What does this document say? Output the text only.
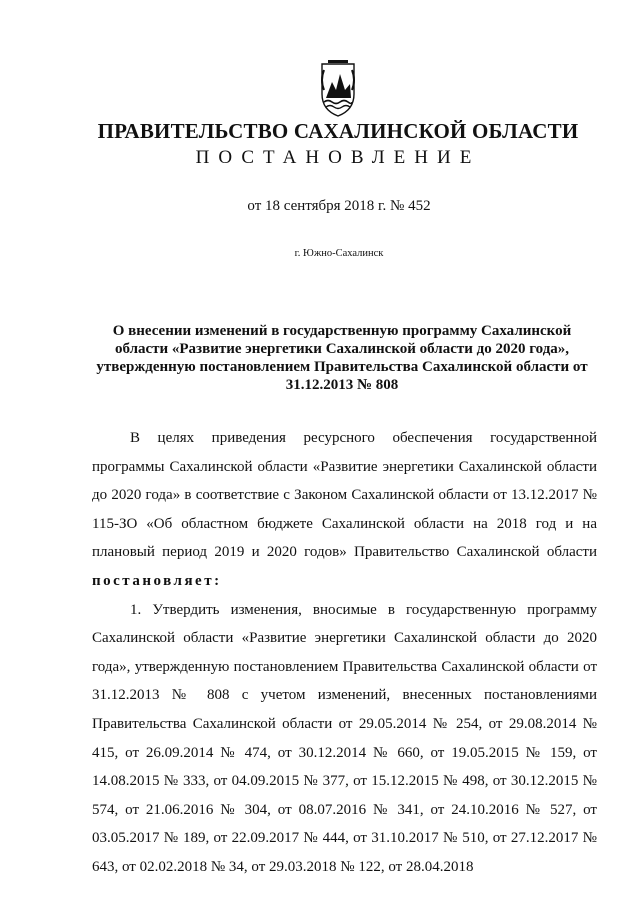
ПРАВИТЕЛЬСТВО САХАЛИНСКОЙ ОБЛАСТИ
ПОСТАНОВЛЕНИЕ
от 18 сентября 2018 г. № 452
г. Южно-Сахалинск
О внесении изменений в государственную программу Сахалинской области «Развитие энергетики Сахалинской области до 2020 года», утвержденную постановлением Правительства Сахалинской области от 31.12.2013 № 808

В целях приведения ресурсного обеспечения государственной программы Сахалинской области «Развитие энергетики Сахалинской области до 2020 года» в соответствие с Законом Сахалинской области от 13.12.2017 № 115-ЗО «Об областном бюджете Сахалинской области на 2018 год и на плановый период 2019 и 2020 годов» Правительство Сахалинской области постановляет:

1. Утвердить изменения, вносимые в государственную программу Сахалинской области «Развитие энергетики Сахалинской области до 2020 года», утвержденную постановлением Правительства Сахалинской области от 31.12.2013 № 808 с учетом изменений, внесенных постановлениями Правительства Сахалинской области от 29.05.2014 № 254, от 29.08.2014 № 415, от 26.09.2014 № 474, от 30.12.2014 № 660, от 19.05.2015 № 159, от 14.08.2015 № 333, от 04.09.2015 № 377, от 15.12.2015 № 498, от 30.12.2015 № 574, от 21.06.2016 № 304, от 08.07.2016 № 341, от 24.10.2016 № 527, от 03.05.2017 № 189, от 22.09.2017 № 444, от 31.10.2017 № 510, от 27.12.2017 № 643, от 02.02.2018 № 34, от 29.03.2018 № 122, от 28.04.2018
